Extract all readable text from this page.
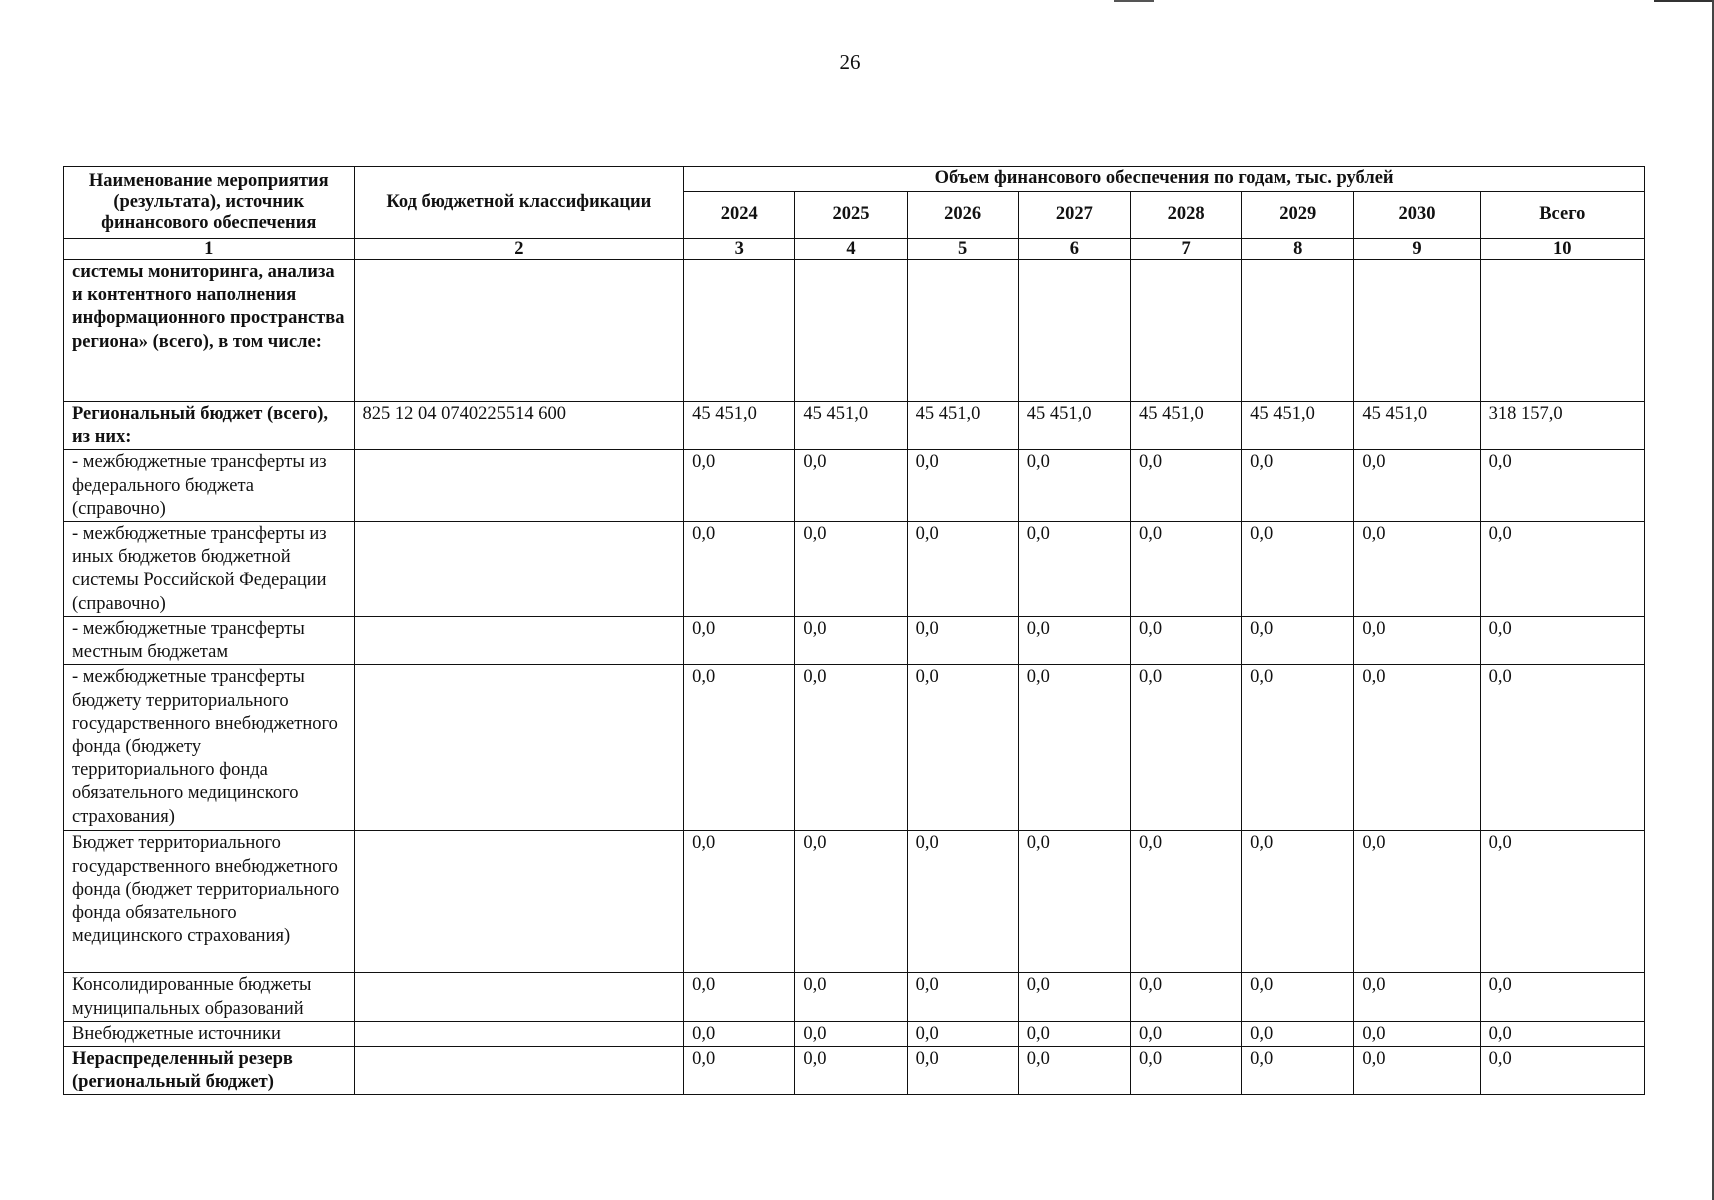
26
Наименование мероприятия (результата), источник финансового обеспечения	Код бюджетной классификации	Объем финансового обеспечения по годам, тыс. рублей							
		2024	2025	2026	2027	2028	2029	2030	Всего
1	2	3	4	5	6	7	8	9	10
системы мониторинга, анализа и контентного наполнения информационного пространства региона» (всего), в том числе:									
Региональный бюджет (всего), из них:	825 12 04 0740225514 600	45 451,0	45 451,0	45 451,0	45 451,0	45 451,0	45 451,0	45 451,0	318 157,0
- межбюджетные трансферты из федерального бюджета (справочно)		0,0	0,0	0,0	0,0	0,0	0,0	0,0	0,0
- межбюджетные трансферты из иных бюджетов бюджетной системы Российской Федерации (справочно)		0,0	0,0	0,0	0,0	0,0	0,0	0,0	0,0
- межбюджетные трансферты местным бюджетам		0,0	0,0	0,0	0,0	0,0	0,0	0,0	0,0
- межбюджетные трансферты бюджету территориального государственного внебюджетного фонда (бюджету территориального фонда обязательного медицинского страхования)		0,0	0,0	0,0	0,0	0,0	0,0	0,0	0,0
Бюджет территориального государственного внебюджетного фонда (бюджет территориального фонда обязательного медицинского страхования)		0,0	0,0	0,0	0,0	0,0	0,0	0,0	0,0
Консолидированные бюджеты муниципальных образований		0,0	0,0	0,0	0,0	0,0	0,0	0,0	0,0
Внебюджетные источники		0,0	0,0	0,0	0,0	0,0	0,0	0,0	0,0
Нераспределенный резерв (региональный бюджет)		0,0	0,0	0,0	0,0	0,0	0,0	0,0	0,0
